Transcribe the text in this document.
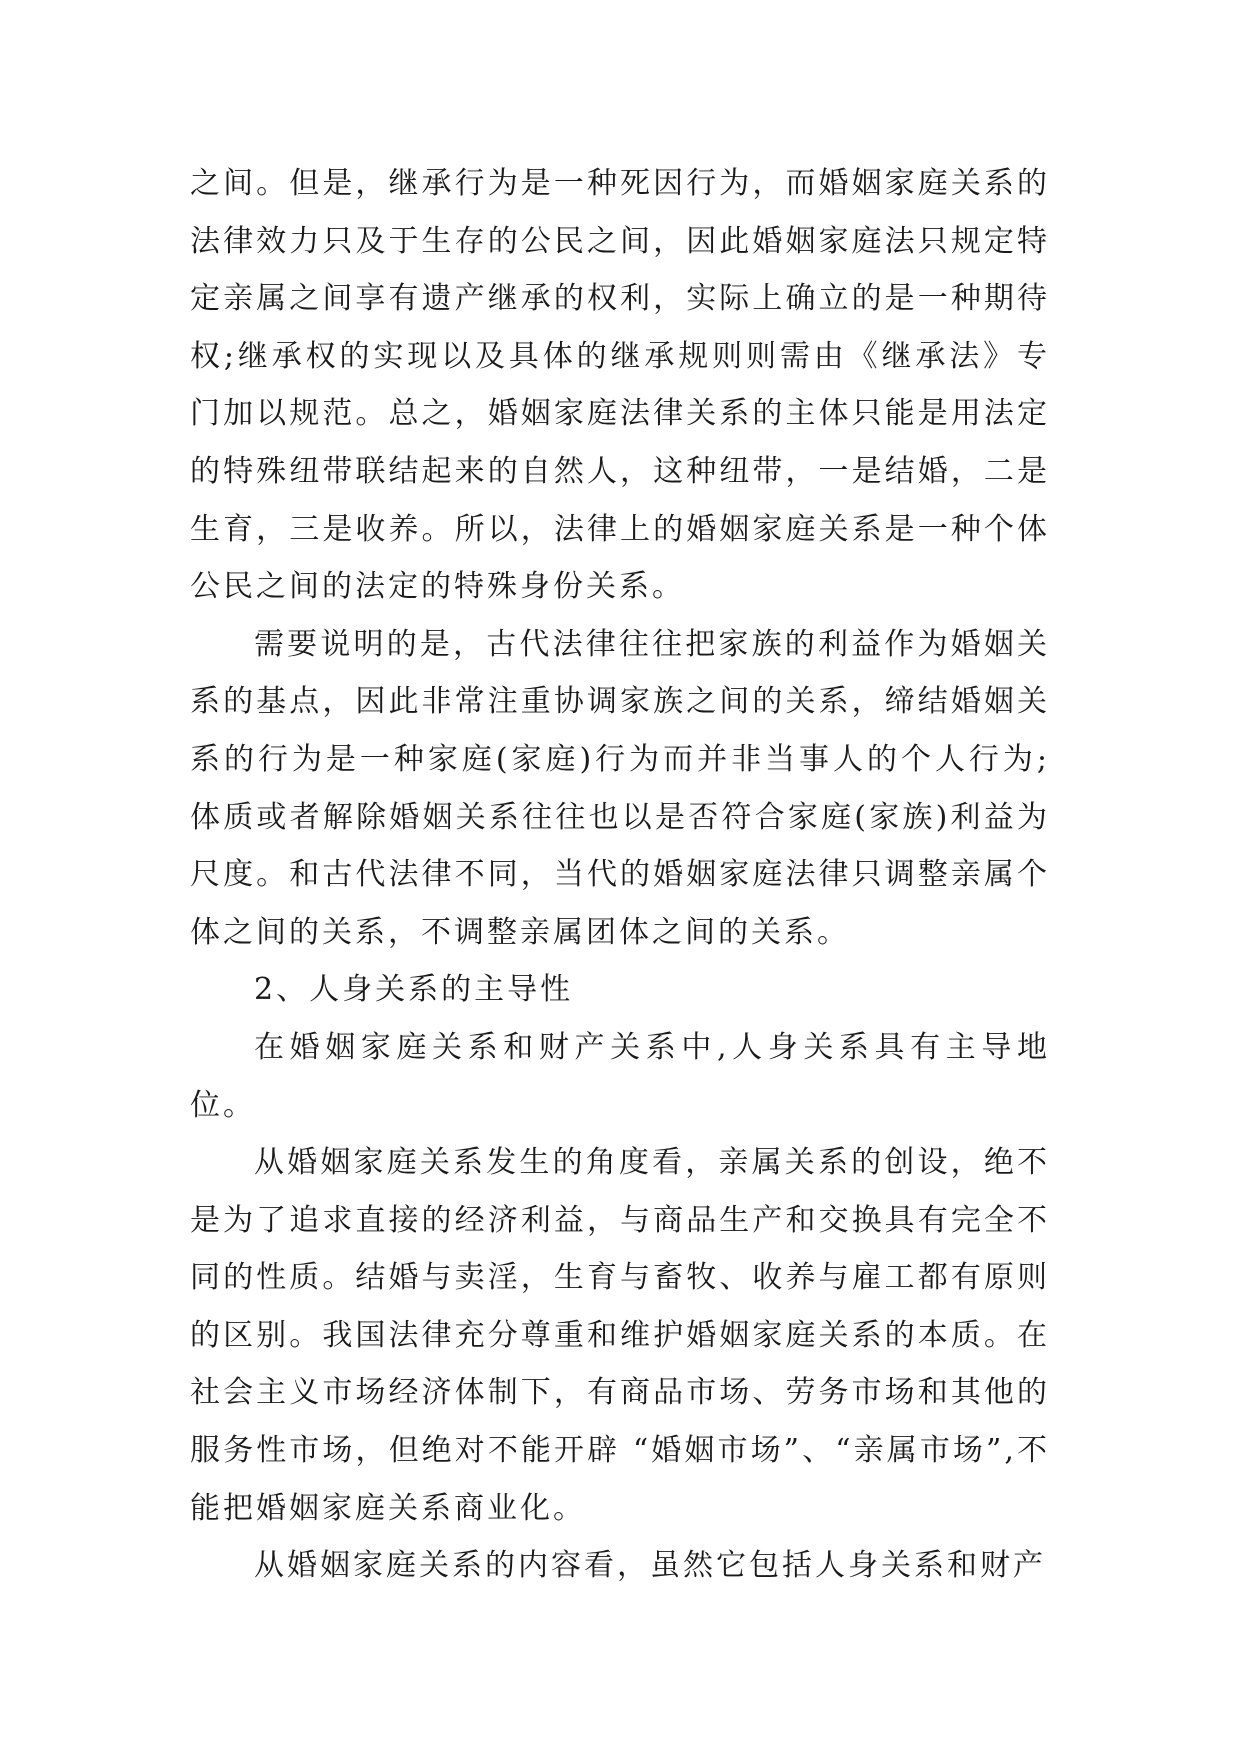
之间。但是，继承行为是一种死因行为，而婚姻家庭关系的法律效力只及于生存的公民之间，因此婚姻家庭法只规定特定亲属之间享有遗产继承的权利，实际上确立的是一种期待权;继承权的实现以及具体的继承规则则需由《继承法》专门加以规范。总之，婚姻家庭法律关系的主体只能是用法定的特殊纽带联结起来的自然人，这种纽带，一是结婚，二是生育，三是收养。所以，法律上的婚姻家庭关系是一种个体公民之间的法定的特殊身份关系。

需要说明的是，古代法律往往把家族的利益作为婚姻关系的基点，因此非常注重协调家族之间的关系，缔结婚姻关系的行为是一种家庭(家庭)行为而并非当事人的个人行为;体质或者解除婚姻关系往往也以是否符合家庭(家族)利益为尺度。和古代法律不同，当代的婚姻家庭法律只调整亲属个体之间的关系，不调整亲属团体之间的关系。

2、人身关系的主导性

在婚姻家庭关系和财产关系中,人身关系具有主导地位。

从婚姻家庭关系发生的角度看，亲属关系的创设，绝不是为了追求直接的经济利益，与商品生产和交换具有完全不同的性质。结婚与卖淫，生育与畜牧、收养与雇工都有原则的区别。我国法律充分尊重和维护婚姻家庭关系的本质。在社会主义市场经济体制下，有商品市场、劳务市场和其他的服务性市场，但绝对不能开辟 “婚姻市场”、“亲属市场”,不能把婚姻家庭关系商业化。

从婚姻家庭关系的内容看，虽然它包括人身关系和财产
